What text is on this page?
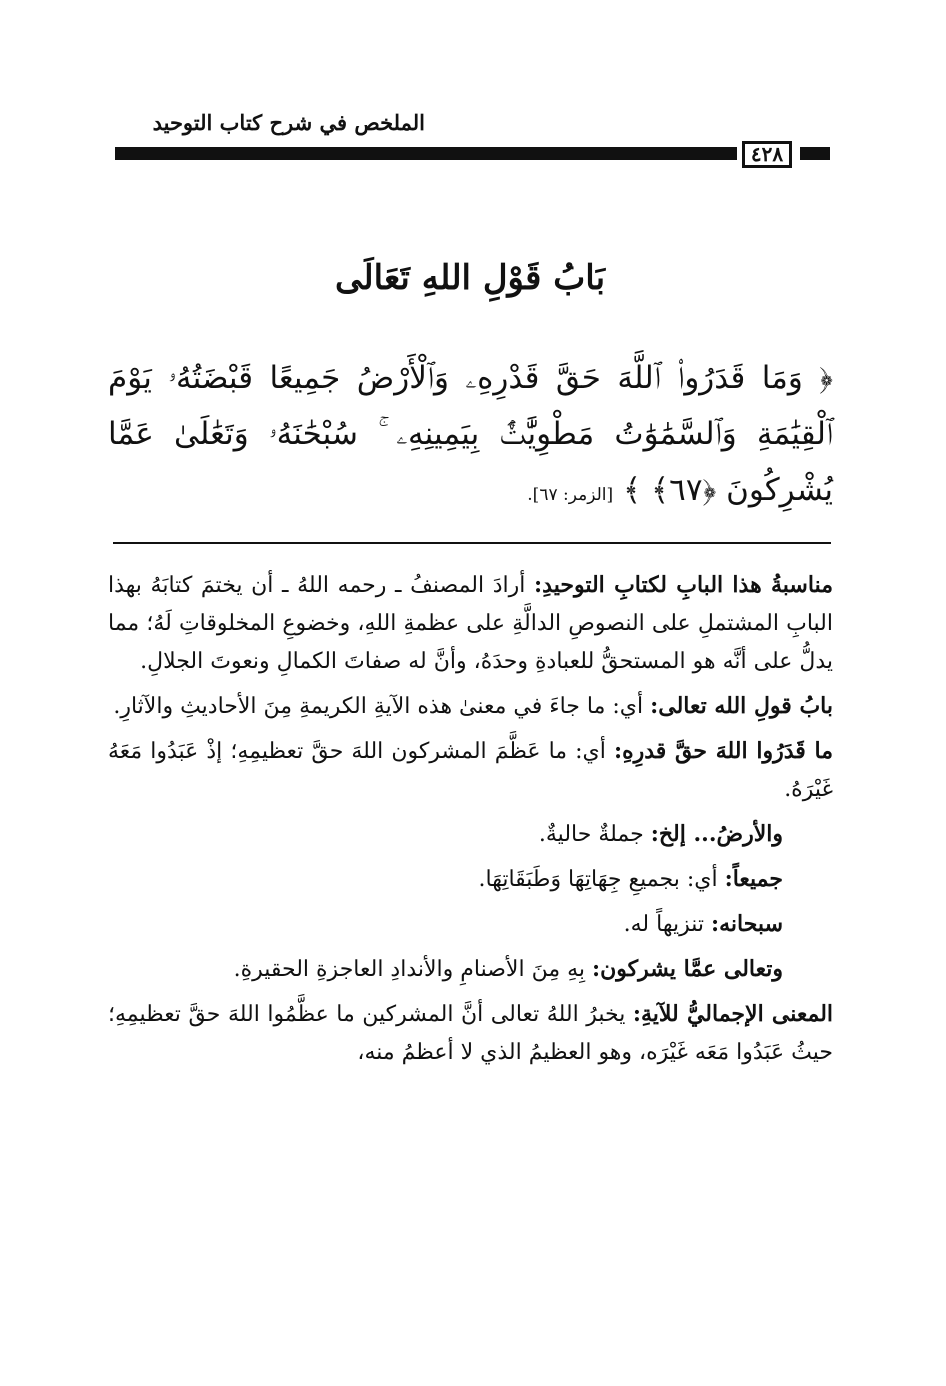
الملخص في شرح كتاب التوحيد
٤٢٨
بَابُ قَوْلِ اللهِ تَعَالَى
﴿ وَمَا قَدَرُوا۟ ٱللَّهَ حَقَّ قَدْرِهِۦ وَٱلْأَرْضُ جَمِيعًا قَبْضَتُهُۥ يَوْمَ ٱلْقِيَٰمَةِ وَٱلسَّمَٰوَٰتُ مَطْوِيَّٰتٌۢ بِيَمِينِهِۦ ۚ سُبْحَٰنَهُۥ وَتَعَٰلَىٰ عَمَّا يُشْرِكُونَ ﴿٦٧﴾ ﴾ [الزمر: ٦٧].

مناسبةُ هذا البابِ لكتابِ التوحيدِ: أرادَ المصنفُ ـ رحمه اللهُ ـ أن يختمَ كتابَهُ بهذا البابِ المشتملِ على النصوصِ الدالَّةِ على عظمةِ اللهِ، وخضوعِ المخلوقاتِ لَهُ؛ مما يدلُّ على أنَّه هو المستحقُّ للعبادةِ وحدَهُ، وأنَّ له صفاتَ الكمالِ ونعوتَ الجلالِ.

بابُ قولِ الله تعالى: أي: ما جاءَ في معنىٰ هذه الآيةِ الكريمةِ مِنَ الأحاديثِ والآثارِ.

ما قَدَرُوا اللهَ حقَّ قدرِهِ: أي: ما عَظَّمَ المشركون اللهَ حقَّ تعظيمِهِ؛ إذْ عَبَدُوا مَعَهُ غَيْرَهُ.

والأرضُ... إلخ: جملةٌ حاليةٌ.

جميعاً: أي: بجميعِ جِهَاتِهَا وَطَبَقَاتِهَا.

سبحانه: تنزيهاً له.

وتعالى عمَّا يشركون: بِهِ مِنَ الأصنامِ والأندادِ العاجزةِ الحقيرةِ.

المعنى الإجماليُّ للآيةِ: يخبرُ اللهُ تعالى أنَّ المشركين ما عظَّمُوا اللهَ حقَّ تعظيمِهِ؛ حيثُ عَبَدُوا مَعَه غَيْرَه، وهو العظيمُ الذي لا أعظمُ منه،
